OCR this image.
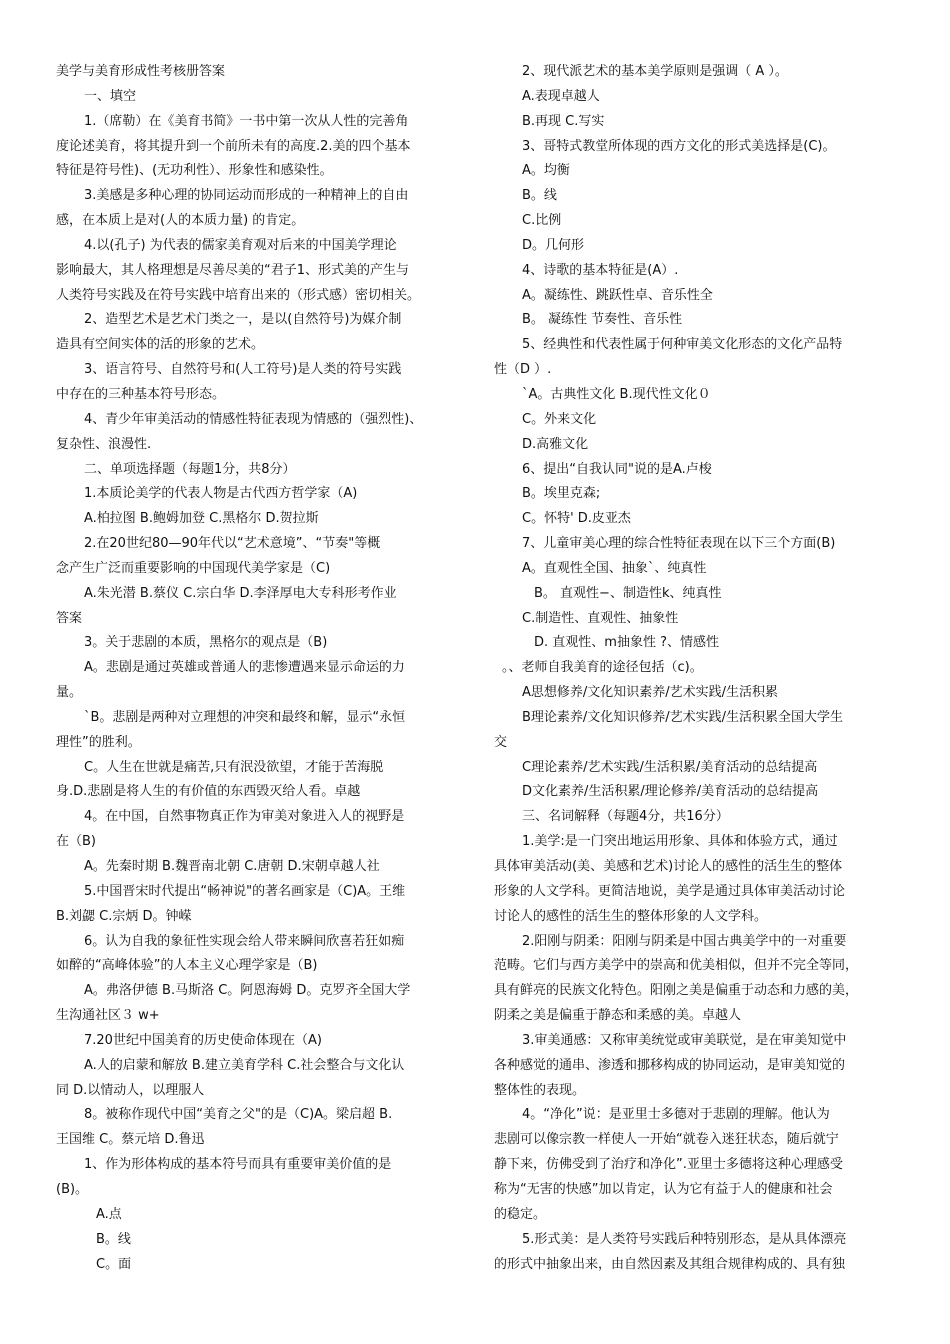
美学与美育形成性考核册答案
一、填空
1.（席勒）在《美育书简》一书中第一次从人性的完善角
度论述美育，将其提升到一个前所未有的高度.2.美的四个基本
特征是符号性)、(无功利性）、形象性和感染性。
3.美感是多种心理的协同运动而形成的一种精神上的自由
感，在本质上是对(人的本质力量) 的肯定。
4.以(孔子) 为代表的儒家美育观对后来的中国美学理论
影响最大，其人格理想是尽善尽美的“君子1、形式美的产生与
人类符号实践及在符号实践中培育出来的（形式感）密切相关。
2、造型艺术是艺术门类之一，是以(自然符号)为媒介制
造具有空间实体的活的形象的艺术。
3、语言符号、自然符号和(人工符号)是人类的符号实践
中存在的三种基本符号形态。
4、青少年审美活动的情感性特征表现为情感的（强烈性)、
复杂性、浪漫性.
二、单项选择题（每题1分，共8分）
1.本质论美学的代表人物是古代西方哲学家（A)
A.柏拉图 B.鲍姆加登 C.黑格尔 D.贺拉斯
2.在20世纪80—90年代以“艺术意境”、“节奏"等概
念产生广泛而重要影响的中国现代美学家是（C)
A.朱光潜 B.蔡仪 C.宗白华 D.李泽厚电大专科形考作业
答案
3。关于悲剧的本质，黑格尔的观点是（B)
A。悲剧是通过英雄或普通人的悲惨遭遇来显示命运的力
量。
`B。悲剧是两种对立理想的冲突和最终和解，显示“永恒
理性”的胜利。
C。人生在世就是痛苦,只有泯没欲望，才能于苦海脱
身.D.悲剧是将人生的有价值的东西毁灭给人看。卓越
4。在中国，自然事物真正作为审美对象进入人的视野是
在（B)
A。先秦时期 B.魏晋南北朝 C.唐朝 D.宋朝卓越人社
5.中国晋宋时代提出“畅神说"的著名画家是（C)A。王维
B.刘勰 C.宗炳 D。钟嵘
6。认为自我的象征性实现会给人带来瞬间欣喜若狂如痴
如醉的“高峰体验”的人本主义心理学家是（B)
A。弗洛伊德 B.马斯洛 C。阿恩海姆 D。克罗齐全国大学
生沟通社区３ w+
7.20世纪中国美育的历史使命体现在（A)
A.人的启蒙和解放 B.建立美育学科 C.社会整合与文化认
同 D.以情动人，以理服人
8。被称作现代中国“美育之父"的是（C)A。梁启超 B.
王国维 C。蔡元培 D.鲁迅
1、作为形体构成的基本符号而具有重要审美价值的是
(B)。
A.点
B。线
C。面
2、现代派艺术的基本美学原则是强调（ A ）。
A.表现卓越人
B.再现 C.写实
3、哥特式教堂所体现的西方文化的形式美选择是(C)。
A。均衡
B。线
C.比例
D。几何形
4、诗歌的基本特征是(A）.
A。凝练性、跳跃性卓、音乐性全
B。 凝练性 节奏性、音乐性
5、经典性和代表性属于何种审美文化形态的文化产品特
性（D ）.
`A。古典性文化 B.现代性文化０
C。外来文化
D.高雅文化
6、提出“自我认同"说的是A.卢梭
B。埃里克森;
C。怀特' D.皮亚杰
7、儿童审美心理的综合性特征表现在以下三个方面(B)
A。直观性全国、抽象`、纯真性
B。 直观性−、制造性k、纯真性
C.制造性、直观性、抽象性
D. 直观性、m抽象性 ?、情感性
。、老师自我美育的途径包括（c)。
A思想修养/文化知识素养/艺术实践/生活积累
B理论素养/文化知识修养/艺术实践/生活积累全国大学生
交
C理论素养/艺术实践/生活积累/美育活动的总结提高
D文化素养/生活积累/理论修养/美育活动的总结提高
三、名词解释（每题4分，共16分）
1.美学:是一门突出地运用形象、具体和体验方式，通过
具体审美活动(美、美感和艺术)讨论人的感性的活生生的整体
形象的人文学科。更简洁地说，美学是通过具体审美活动讨论
讨论人的感性的活生生的整体形象的人文学科。
2.阳刚与阴柔：阳刚与阴柔是中国古典美学中的一对重要
范畴。它们与西方美学中的崇高和优美相似，但并不完全等同，
具有鲜亮的民族文化特色。阳刚之美是偏重于动态和力感的美，
阴柔之美是偏重于静态和柔感的美。卓越人
3.审美通感：又称审美统觉或审美联觉，是在审美知觉中
各种感觉的通串、渗透和挪移构成的协同运动，是审美知觉的
整体性的表现。
4。“净化”说：是亚里士多德对于悲剧的理解。他认为
悲剧可以像宗教一样使人一开始“就卷入迷狂状态，随后就宁
静下来，仿佛受到了治疗和净化”.亚里士多德将这种心理感受
称为“无害的快感”加以肯定，认为它有益于人的健康和社会
的稳定。
5.形式美：是人类符号实践后种特别形态，是从具体漂亮
的形式中抽象出来，由自然因素及其组合规律构成的、具有独
